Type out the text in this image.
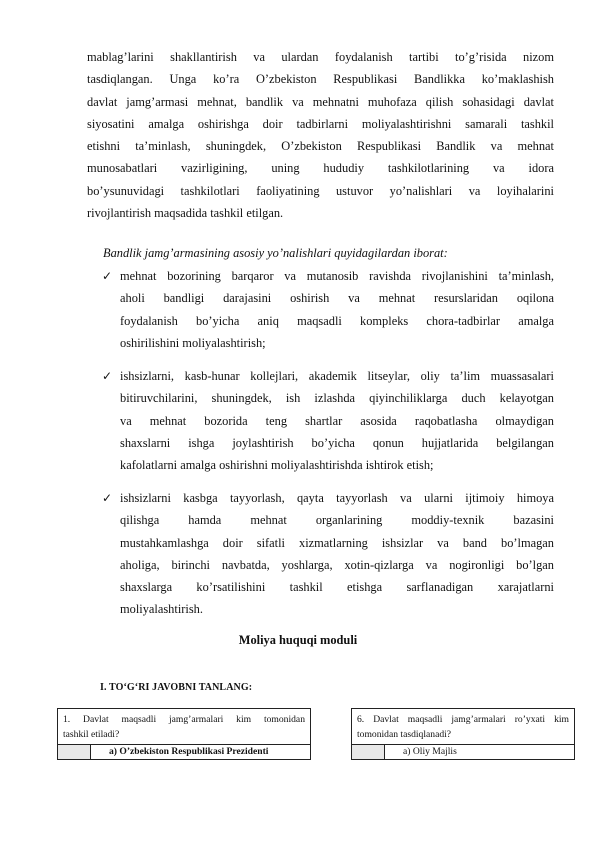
mablag’larini shakllantirish va ulardan foydalanish tartibi to’g’risida nizom
tasdiqlangan. Unga ko’ra O’zbekiston Respublikasi Bandlikka ko’maklashish
davlat jamg’armasi mehnat, bandlik va mehnatni muhofaza qilish sohasidagi davlat
siyosatini amalga oshirishga doir tadbirlarni moliyalashtirishni samarali tashkil
etishni ta’minlash, shuningdek, O’zbekiston Respublikasi Bandlik va mehnat
munosabatlari vazirligining, uning hududiy tashkilotlarining va idora
bo’ysunuvidagi tashkilotlari faoliyatining ustuvor yo’nalishlari va loyihalarini
rivojlantirish maqsadida tashkil etilgan.

Bandlik jamg’armasining asosiy yo’nalishlari quyidagilardan iborat:

✓ mehnat bozorining barqaror va mutanosib ravishda rivojlanishini ta’minlash,
aholi bandligi darajasini oshirish va mehnat resurslaridan oqilona
foydalanish bo’yicha aniq maqsadli kompleks chora-tadbirlar amalga
oshirilishini moliyalashtirish;
✓ ishsizlarni, kasb-hunar kollejlari, akademik litseylar, oliy ta’lim muassasalari
bitiruvchilarini, shuningdek, ish izlashda qiyinchiliklarga duch kelayotgan
va mehnat bozorida teng shartlar asosida raqobatlasha olmaydigan
shaxslarni ishga joylashtirish bo’yicha qonun hujjatlarida belgilangan
kafolatlarni amalga oshirishni moliyalashtirishda ishtirok etish;
✓ ishsizlarni kasbga tayyorlash, qayta tayyorlash va ularni ijtimoiy himoya
qilishga hamda mehnat organlarining moddiy-texnik bazasini
mustahkamlashga doir sifatli xizmatlarning ishsizlar va band bo’lmagan
aholiga, birinchi navbatda, yoshlarga, xotin-qizlarga va nogironligi bo’lgan
shaxslarga ko’rsatilishini tashkil etishga sarflanadigan xarajatlarni
moliyalashtirish.
Moliya huquqi moduli
I. TO‘G‘RI JAVOBNI TANLANG:
1. Davlat maqsadli jamg’armalari kim tomonidan
tashkil etiladi?
a) O’zbekiston Respublikasi Prezidenti
6. Davlat maqsadli jamg’armalari ro’yxati kim
tomonidan tasdiqlanadi?
a) Oliy Majlis
